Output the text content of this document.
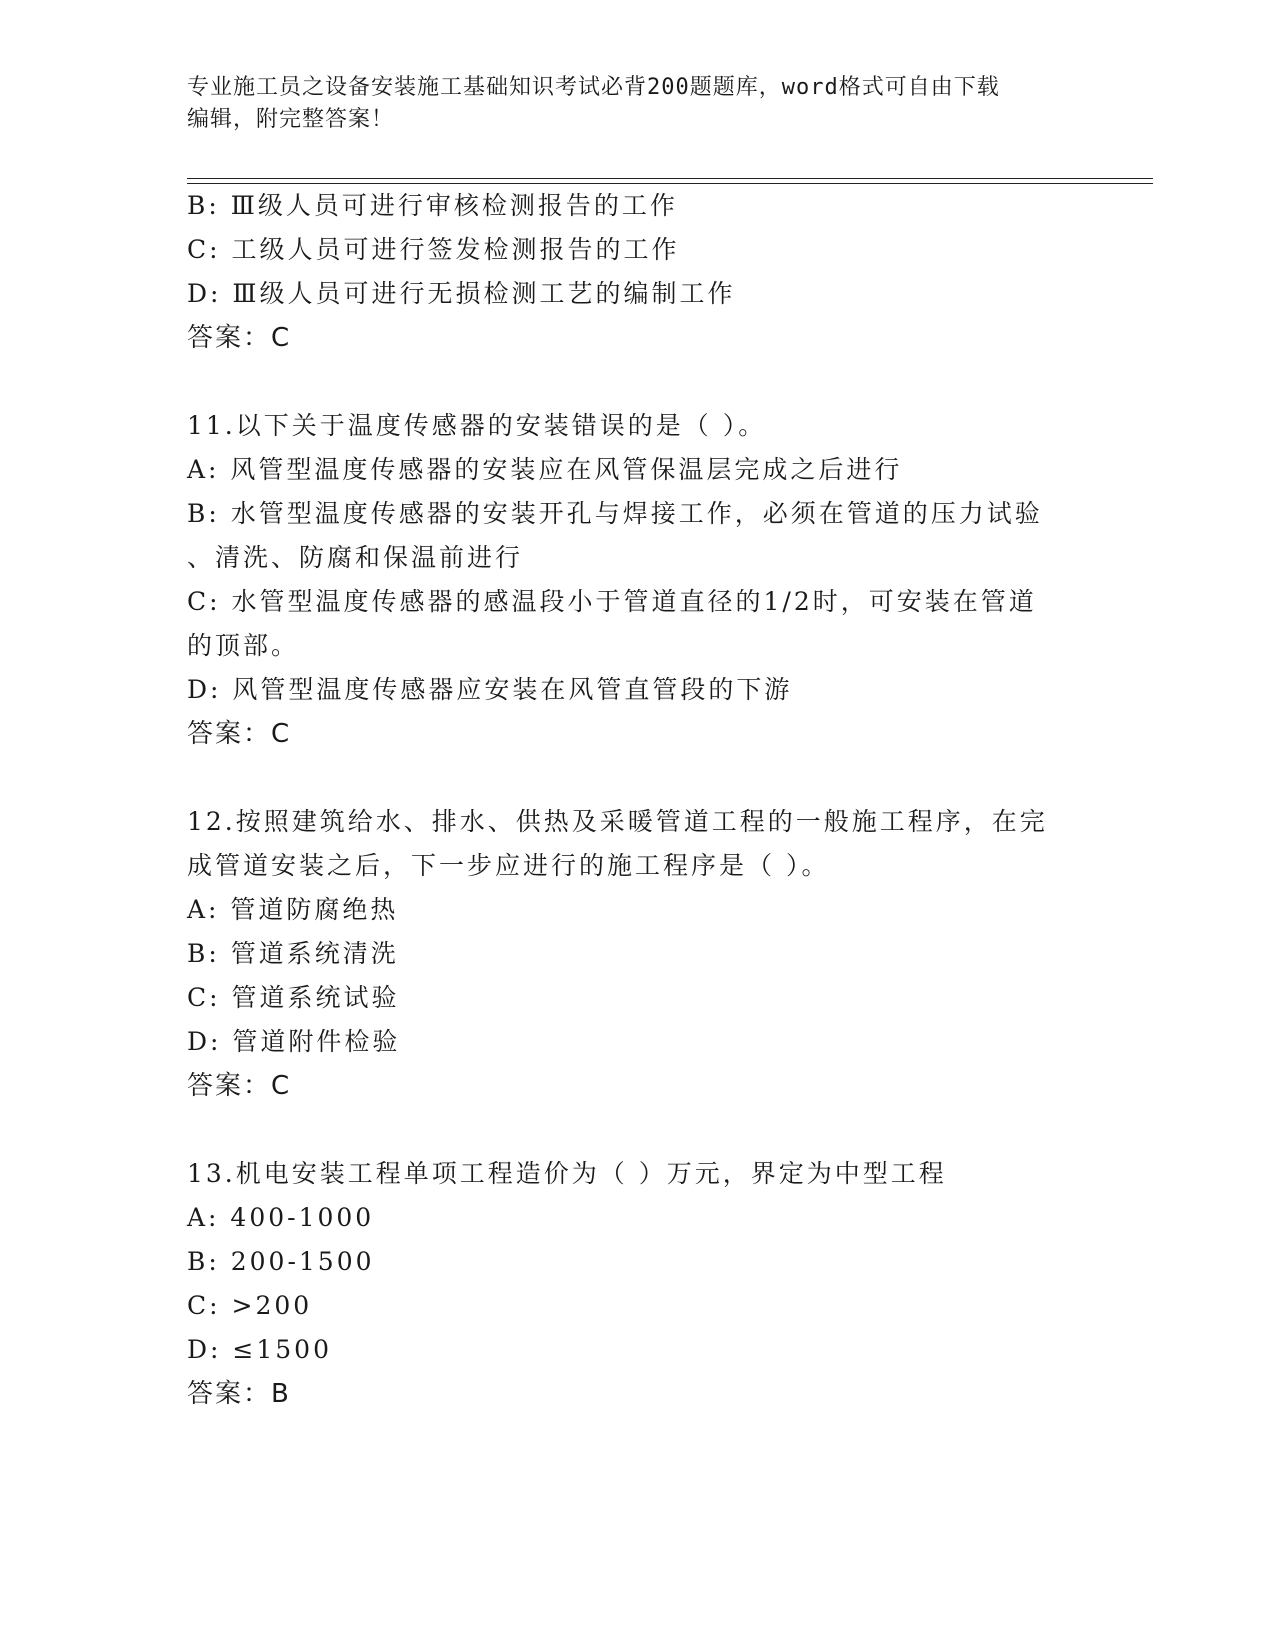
专业施工员之设备安装施工基础知识考试必背200题题库，word格式可自由下载
编辑，附完整答案！
B: Ⅲ级人员可进行审核检测报告的工作
C: 工级人员可进行签发检测报告的工作
D: Ⅲ级人员可进行无损检测工艺的编制工作
答案：C
11.以下关于温度传感器的安装错误的是（ ）。
A: 风管型温度传感器的安装应在风管保温层完成之后进行
B: 水管型温度传感器的安装开孔与焊接工作，必须在管道的压力试验
、清洗、防腐和保温前进行
C: 水管型温度传感器的感温段小于管道直径的1/2时，可安装在管道
的顶部。
D: 风管型温度传感器应安装在风管直管段的下游
答案：C
12.按照建筑给水、排水、供热及采暖管道工程的一般施工程序，在完
成管道安装之后，下一步应进行的施工程序是（ ）。
A: 管道防腐绝热
B: 管道系统清洗
C: 管道系统试验
D: 管道附件检验
答案：C
13.机电安装工程单项工程造价为（ ）万元，界定为中型工程
A: 400-1000
B: 200-1500
C: >200
D: ≤1500
答案：B
